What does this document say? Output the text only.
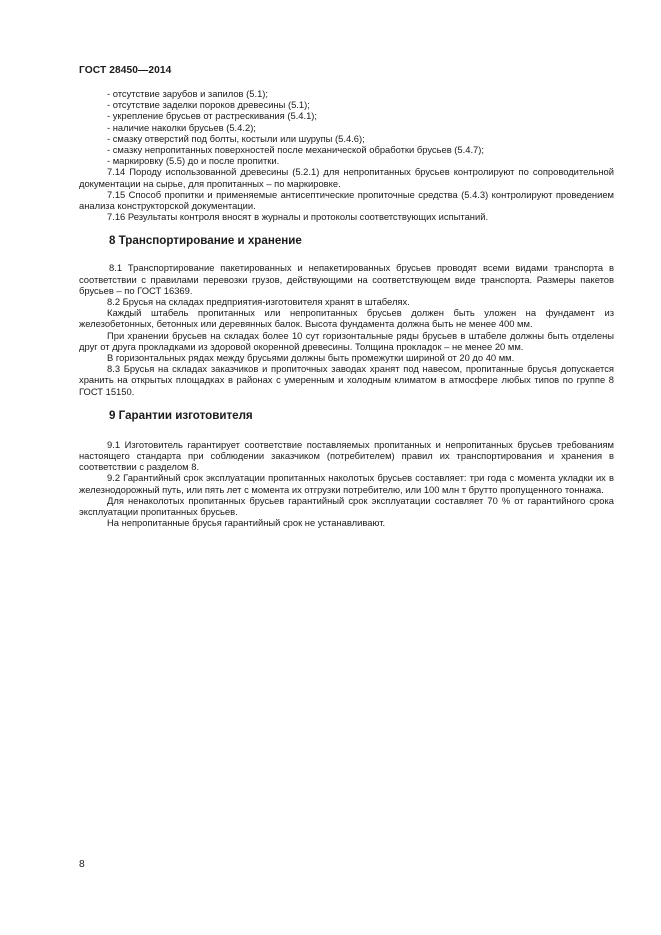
ГОСТ 28450—2014

- отсутствие зарубов и запилов (5.1);

- отсутствие заделки пороков древесины (5.1);

- укрепление брусьев от растрескивания (5.4.1);

- наличие наколки брусьев (5.4.2);

- смазку отверстий под болты, костыли или шурупы (5.4.6);

- смазку непропитанных поверхностей после механической обработки брусьев (5.4.7);

- маркировку (5.5) до и после пропитки.

7.14 Породу использованной древесины (5.2.1) для непропитанных брусьев контролируют по сопроводительной документации на сырье, для пропитанных – по маркировке.

7.15 Способ пропитки и применяемые антисептические пропиточные средства (5.4.3) контролируют проведением анализа конструкторской документации.

7.16 Результаты контроля вносят в журналы и протоколы соответствующих испытаний.

8 Транспортирование и хранение

8.1 Транспортирование пакетированных и непакетированных брусьев проводят всеми видами транспорта в соответствии с правилами перевозки грузов, действующими на соответствующем виде транспорта. Размеры пакетов брусьев – по ГОСТ 16369.

8.2 Брусья на складах предприятия-изготовителя хранят в штабелях.

Каждый штабель пропитанных или непропитанных брусьев должен быть уложен на фундамент из железобетонных, бетонных или деревянных балок. Высота фундамента должна быть не менее 400 мм.

При хранении брусьев на складах более 10 сут горизонтальные ряды брусьев в штабеле должны быть отделены друг от друга прокладками из здоровой окоренной древесины. Толщина прокладок – не менее 20 мм.

В горизонтальных рядах между брусьями должны быть промежутки шириной от 20 до 40 мм.

8.3 Брусья на складах заказчиков и пропиточных заводах хранят под навесом, пропитанные брусья допускается хранить на открытых площадках в районах с умеренным и холодным климатом в атмосфере любых типов по группе 8 ГОСТ 15150.

9 Гарантии изготовителя

9.1 Изготовитель гарантирует соответствие поставляемых пропитанных и непропитанных брусьев требованиям настоящего стандарта при соблюдении заказчиком (потребителем) правил их транспортирования и хранения в соответствии с разделом 8.

9.2 Гарантийный срок эксплуатации пропитанных наколотых брусьев составляет: три года с момента укладки их в железнодорожный путь, или пять лет с момента их отгрузки потребителю, или 100 млн т брутто пропущенного тоннажа.

Для ненаколотых пропитанных брусьев гарантийный срок эксплуатации составляет 70 % от гарантийного срока эксплуатации пропитанных брусьев.

На непропитанные брусья гарантийный срок не устанавливают.

8
